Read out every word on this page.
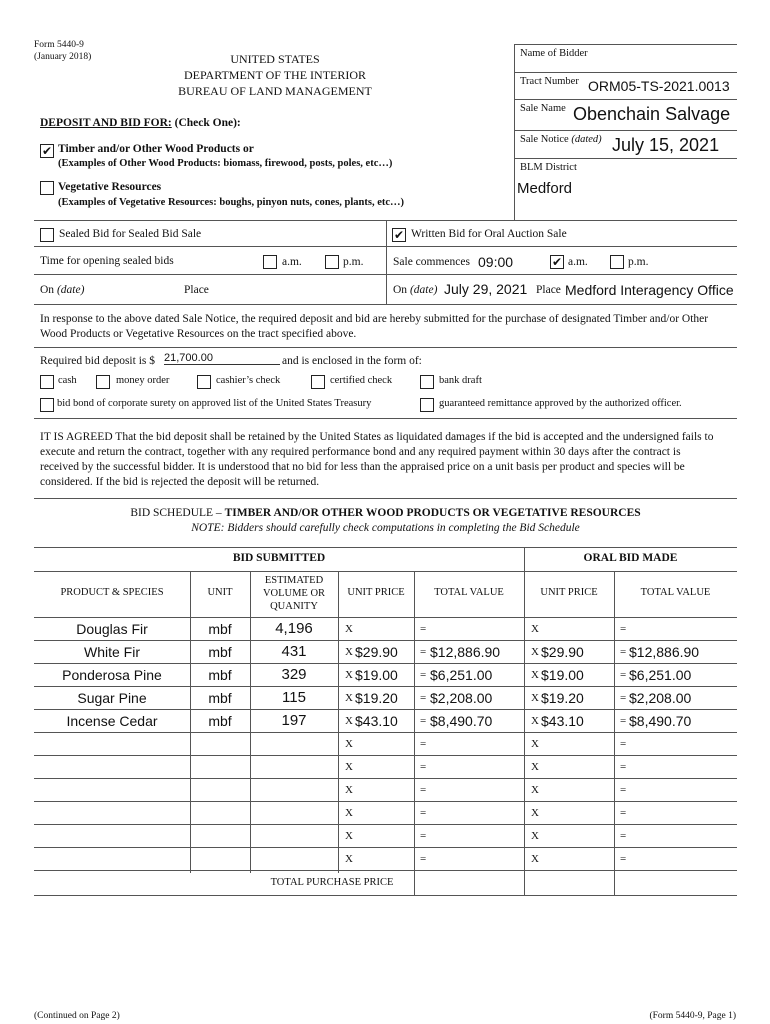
Form 5440-9
(January 2018)	UNITED STATES
DEPARTMENT OF THE INTERIOR
BUREAU OF LAND MANAGEMENT
Name of Bidder
Tract Number ORM05-TS-2021.0013
Sale Name Obenchain Salvage
Sale Notice (dated) July 15, 2021
BLM District
Medford
DEPOSIT AND BID FOR: (Check One):
✔ Timber and/or Other Wood Products or
(Examples of Other Wood Products: biomass, firewood, posts, poles, etc…)
Vegetative Resources
(Examples of Vegetative Resources: boughs, pinyon nuts, cones, plants, etc…)
Sealed Bid for Sealed Bid Sale	✔ Written Bid for Oral Auction Sale
Time for opening sealed bids	a.m.	p.m.	Sale commences 09:00	✔ a.m.	p.m.
On (date)	Place	On (date) July 29, 2021 Place Medford Interagency Office
In response to the above dated Sale Notice, the required deposit and bid are hereby submitted for the purchase of designated Timber and/or Other Wood Products or Vegetative Resources on the tract specified above.
Required bid deposit is $ 21,700.00	and is enclosed in the form of:
cash	money order	cashier’s check	certified check	bank draft
bid bond of corporate surety on approved list of the United States Treasury	guaranteed remittance approved by the authorized officer.
IT IS AGREED That the bid deposit shall be retained by the United States as liquidated damages if the bid is accepted and the undersigned fails to execute and return the contract, together with any required performance bond and any required payment within 30 days after the contract is received by the successful bidder. It is understood that no bid for less than the appraised price on a unit basis per product and species will be considered. If the bid is rejected the deposit will be returned.
BID SCHEDULE – TIMBER AND/OR OTHER WOOD PRODUCTS OR VEGETATIVE RESOURCES
NOTE: Bidders should carefully check computations in completing the Bid Schedule
BID SUBMITTED	ORAL BID MADE
PRODUCT & SPECIES	UNIT
ESTIMATED VOLUME OR QUANITY
UNIT PRICE	TOTAL VALUE	UNIT PRICE	TOTAL VALUE
Douglas Fir	mbf	4,196	X	=	X	=
White Fir	mbf	431	X $29.90 = $12,886.90	X $29.90	= $12,886.90
Ponderosa Pine	mbf	329	X $19.00 = $6,251.00	X $19.00	= $6,251.00
Sugar Pine	mbf	115	X $19.20 = $2,208.00	X $19.20	= $2,208.00
Incense Cedar	mbf	197	X $43.10 = $8,490.70	X $43.10	= $8,490.70
X	=	X	=
X	=	X	=
X	=	X	=
X	=	X	=
X	=	X	=
X	=	X	=
TOTAL PURCHASE PRICE
(Continued on Page 2)	(Form 5440-9, Page 1)
